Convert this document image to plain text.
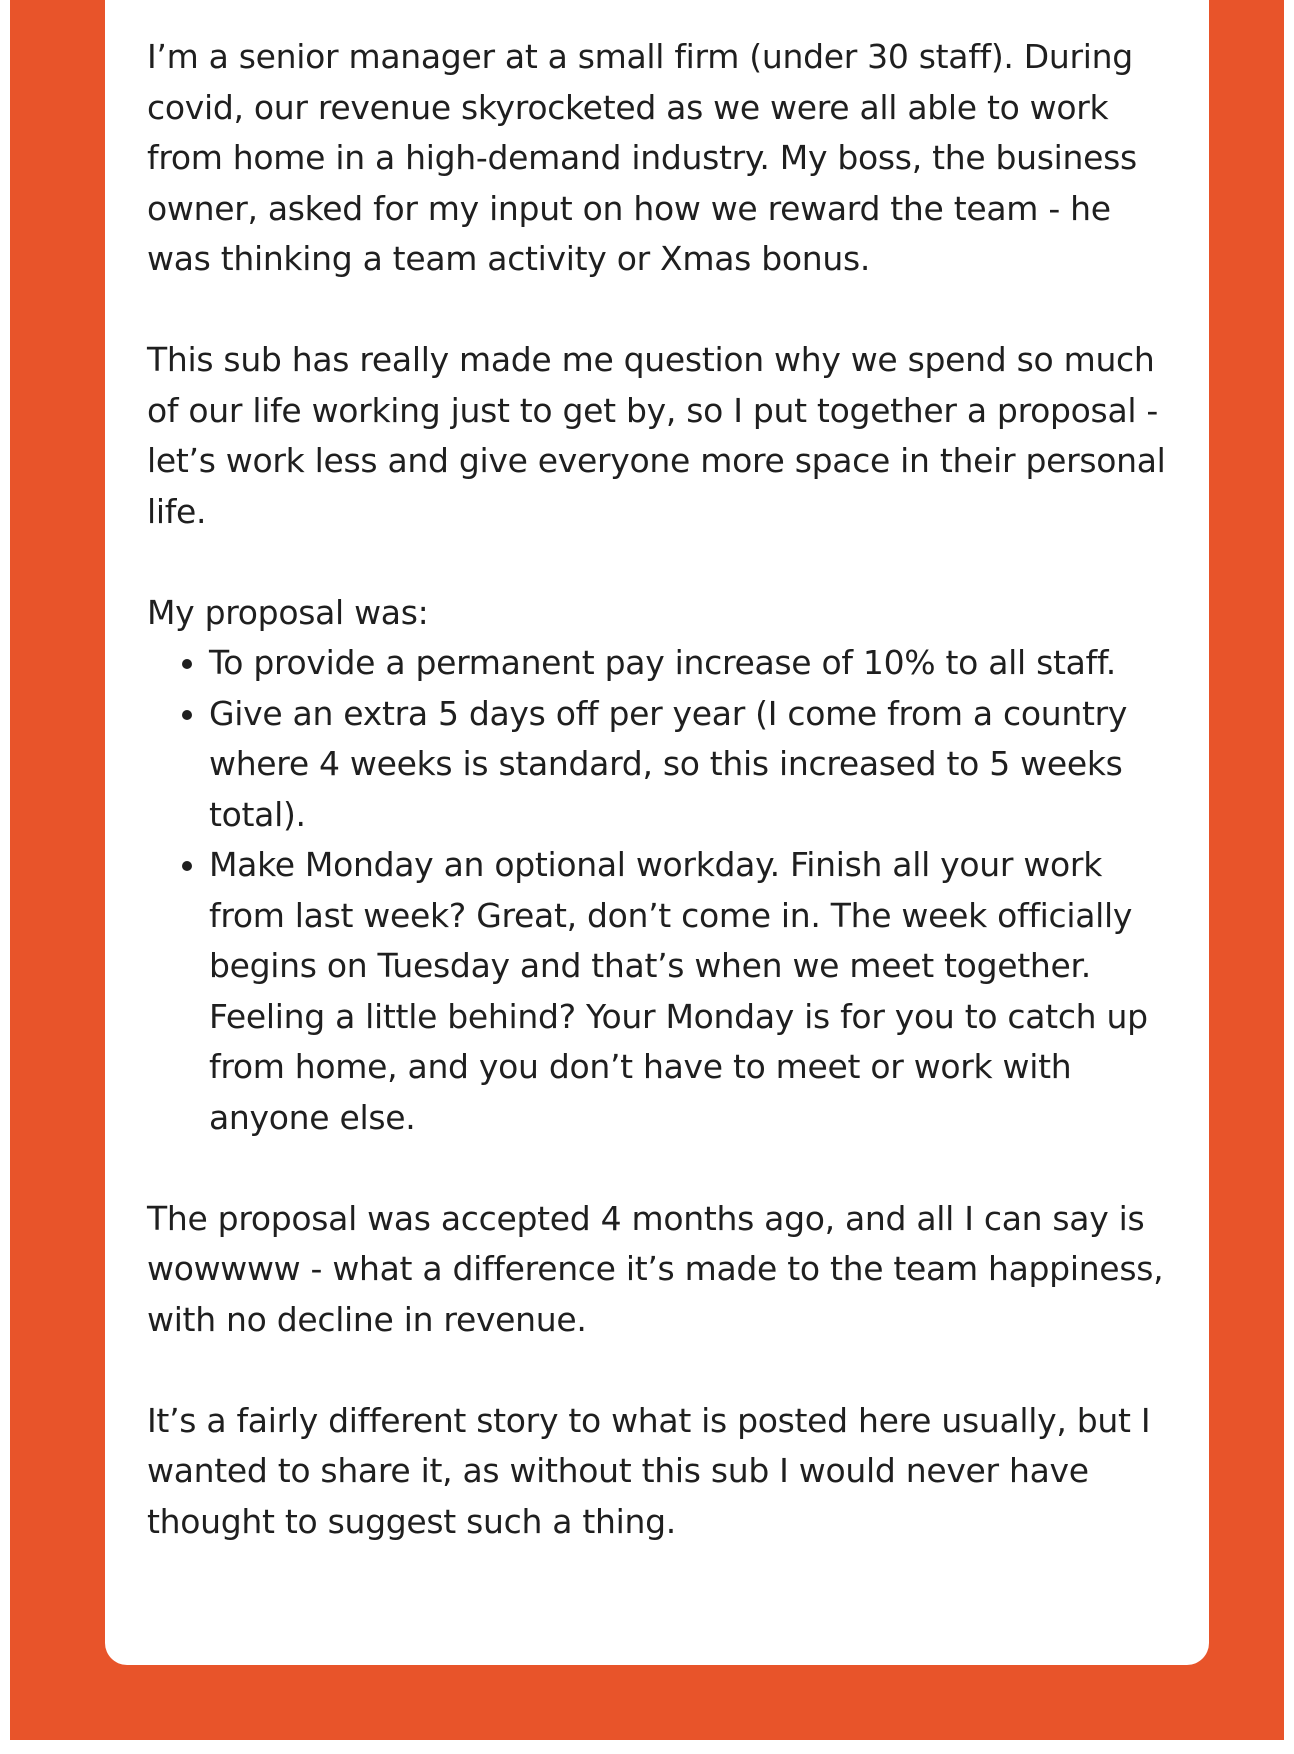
I’m a senior manager at a small firm (under 30 staff). During covid, our revenue skyrocketed as we were all able to work from home in a high-demand industry. My boss, the business owner, asked for my input on how we reward the team - he was thinking a team activity or Xmas bonus.

This sub has really made me question why we spend so much of our life working just to get by, so I put together a proposal - let’s work less and give everyone more space in their personal life.

My proposal was:

• To provide a permanent pay increase of 10% to all staff.
• Give an extra 5 days off per year (I come from a country where 4 weeks is standard, so this increased to 5 weeks total).
• Make Monday an optional workday. Finish all your work from last week? Great, don’t come in. The week officially begins on Tuesday and that’s when we meet together. Feeling a little behind? Your Monday is for you to catch up from home, and you don’t have to meet or work with anyone else.

The proposal was accepted 4 months ago, and all I can say is wowwww - what a difference it’s made to the team happiness, with no decline in revenue.

It’s a fairly different story to what is posted here usually, but I wanted to share it, as without this sub I would never have thought to suggest such a thing.
